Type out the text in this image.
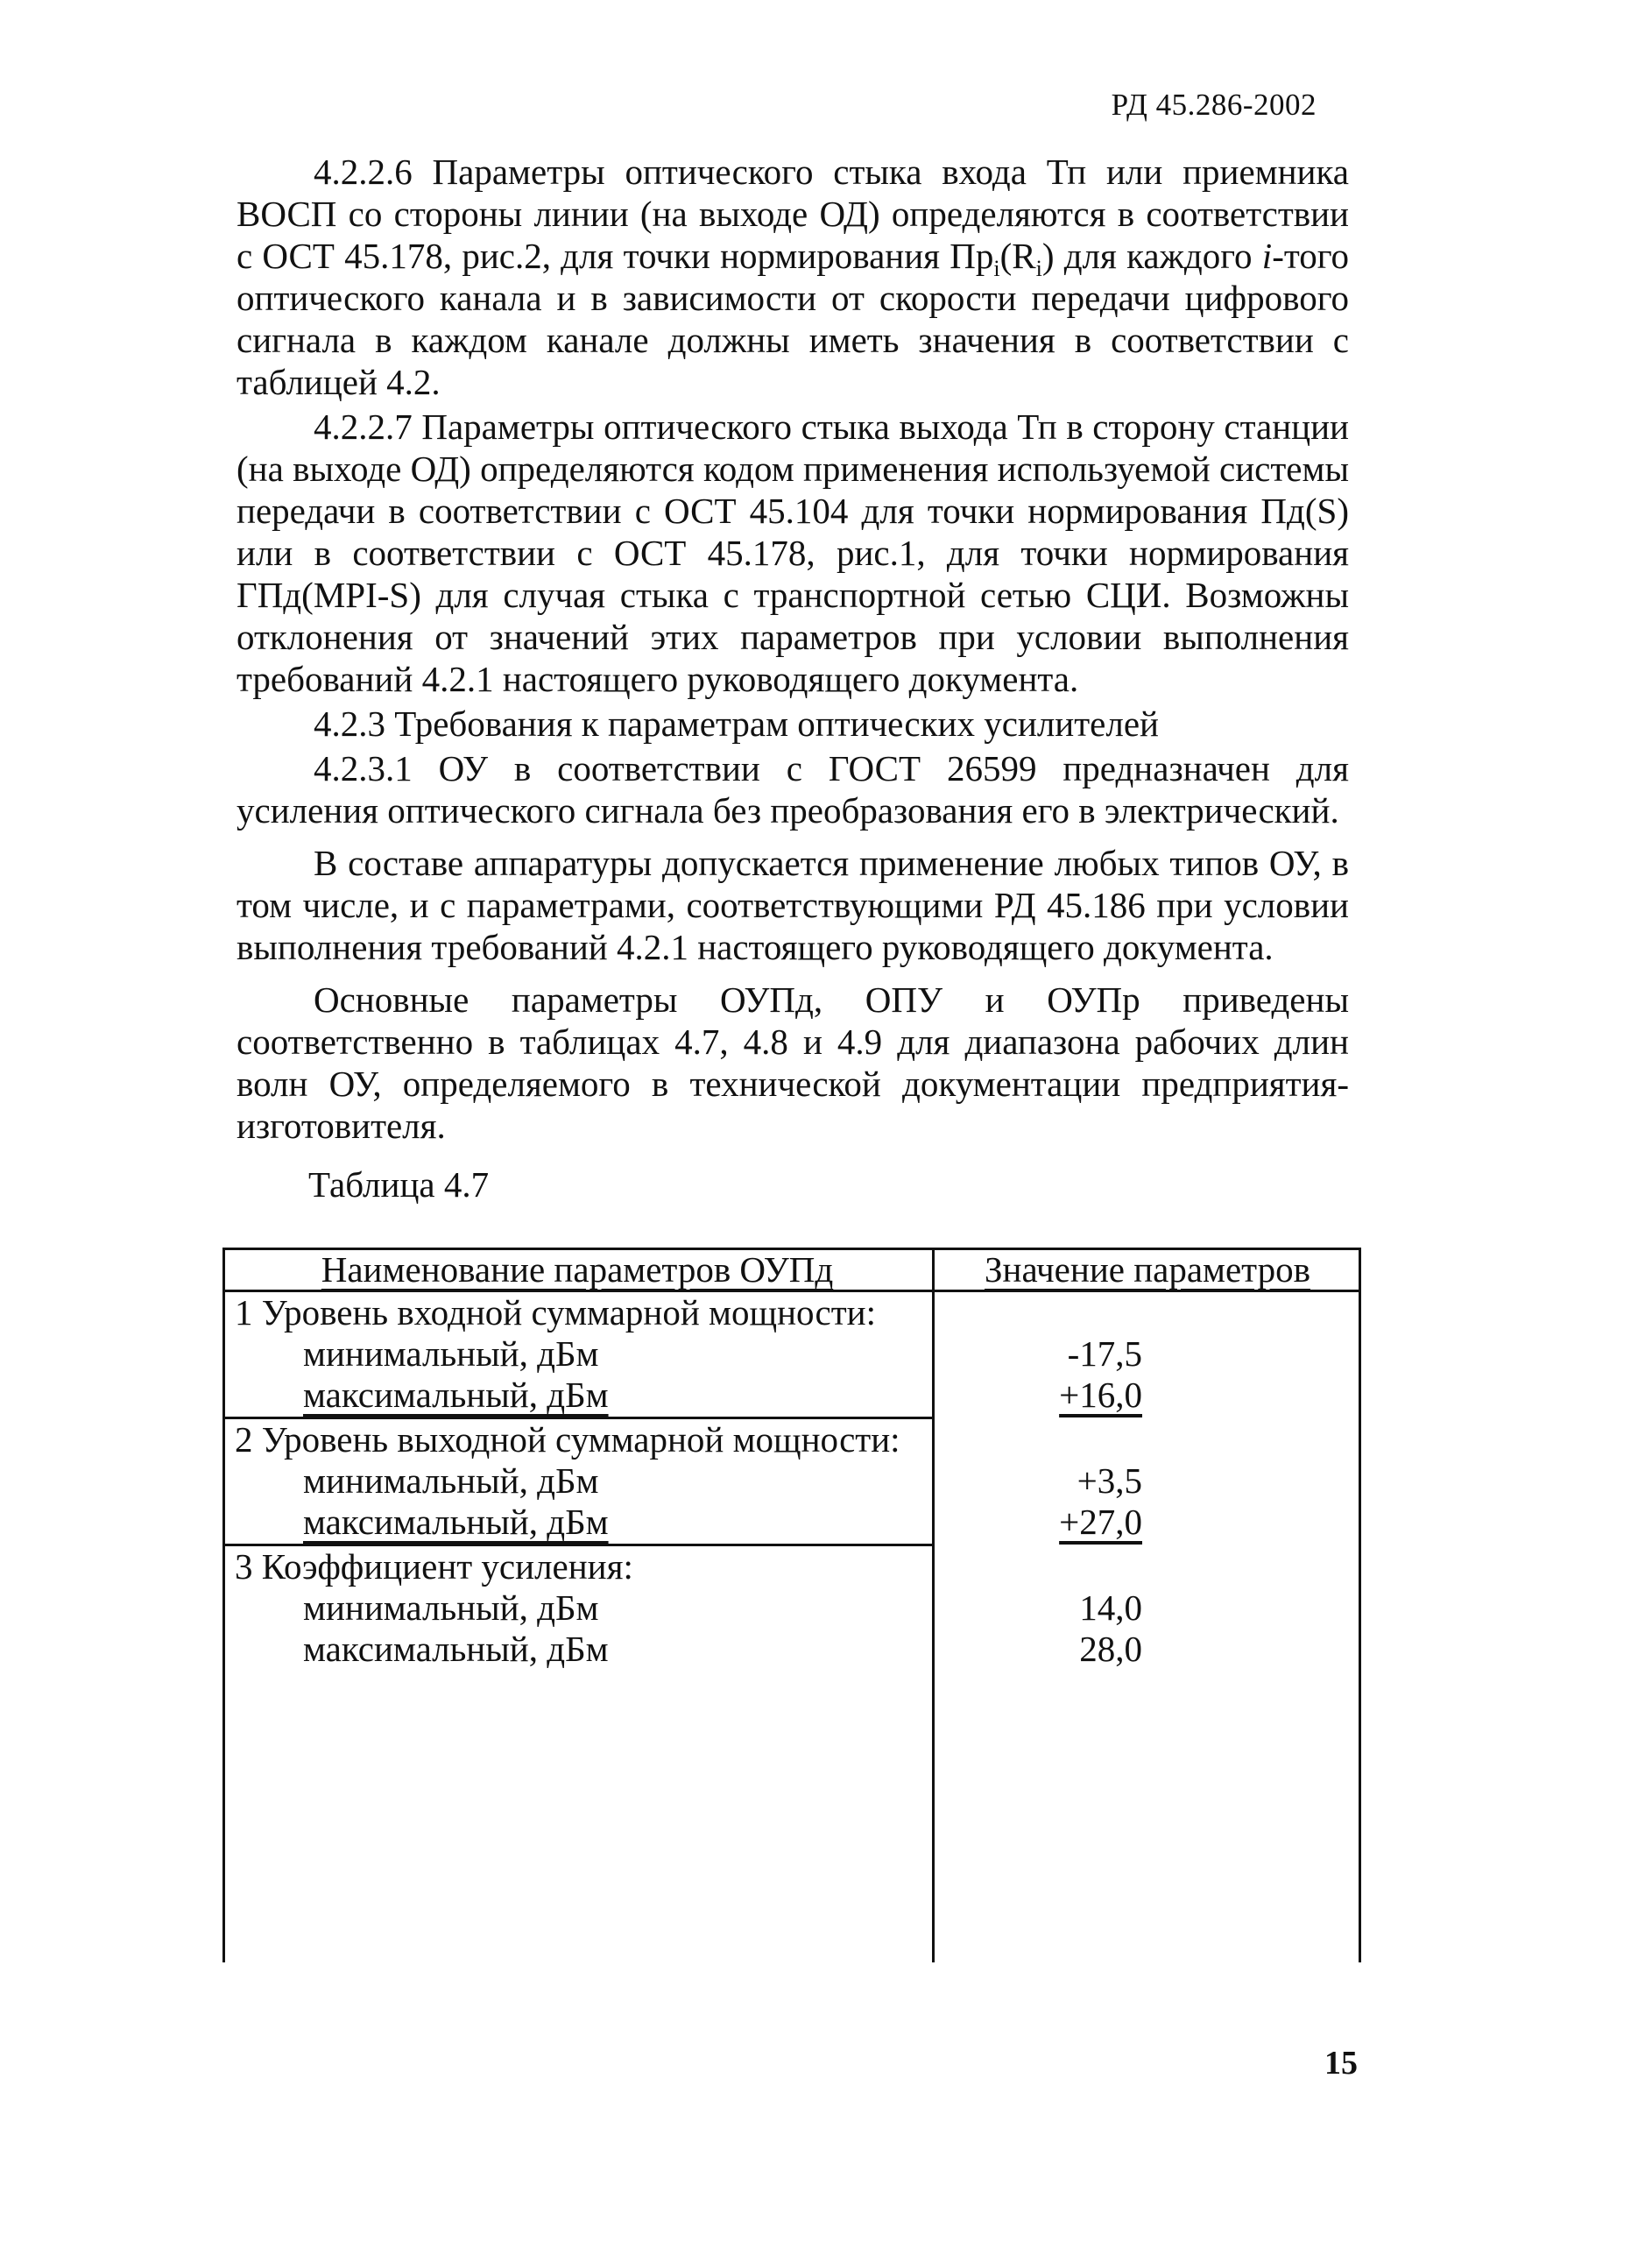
РД 45.286-2002

4.2.2.6 Параметры оптического стыка входа Тп или приемника ВОСП со стороны линии (на выходе ОД) определяются в соответствии с ОСТ 45.178, рис.2, для точки нормирования $Пр_i(R_i)$ для каждого i-того оптического канала и в зависимости от скорости передачи цифрового сигнала в каждом канале должны иметь значения в соответствии с таблицей 4.2.

4.2.2.7 Параметры оптического стыка выхода Тп в сторону станции (на выходе ОД) определяются кодом применения используемой системы передачи в соответствии с ОСТ 45.104 для точки нормирования Пд(S) или в соответствии с ОСТ 45.178, рис.1, для точки нормирования ГПд(MPI-S) для случая стыка с транспортной сетью СЦИ. Возможны отклонения от значений этих параметров при условии выполнения требований 4.2.1 настоящего руководящего документа.

4.2.3 Требования к параметрам оптических усилителей

4.2.3.1 ОУ в соответствии с ГОСТ 26599 предназначен для усиления оптического сигнала без преобразования его в электрический.

В составе аппаратуры допускается применение любых типов ОУ, в том числе, и с параметрами, соответствующими РД 45.186 при условии выполнения требований 4.2.1 настоящего руководящего документа.

Основные параметры ОУПд, ОПУ и ОУПр приведены соответственно в таблицах 4.7, 4.8 и 4.9 для диапазона рабочих длин волн ОУ, определяемого в технической документации предприятия-изготовителя.

Таблица 4.7
Наименование параметров ОУПд	Значение параметров
1 Уровень входной суммарной мощности:
минимальный, дБм
максимальный, дБм
-17,5
+16,0
2 Уровень выходной суммарной мощности:
минимальный, дБм
максимальный, дБм
+3,5
+27,0
3 Коэффициент усиления:
минимальный, дБм
максимальный, дБм
14,0
28,0
15
